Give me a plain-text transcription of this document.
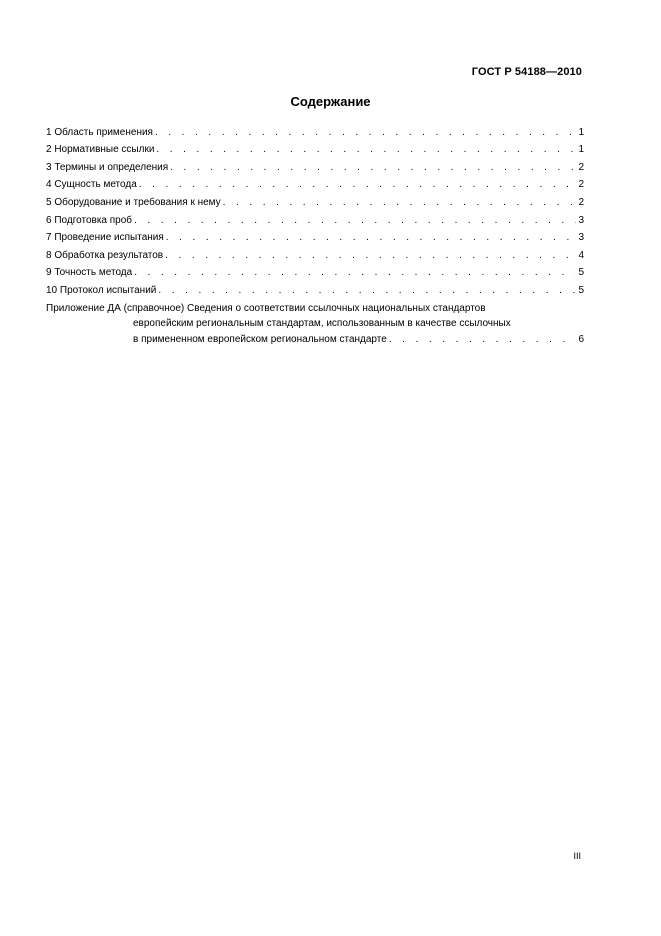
ГОСТ Р 54188—2010
Содержание
1 Область применения . . .	1
2 Нормативные ссылки . . .	1
3 Термины и определения . . .	2
4 Сущность метода . . .	2
5 Оборудование и требования к нему . . .	2
6 Подготовка проб . . .	3
7 Проведение испытания . . .	3
8 Обработка результатов . . .	4
9 Точность метода . . .	5
10 Протокол испытаний . . .	5
Приложение ДА (справочное) Сведения о соответствии ссылочных национальных стандартов
европейским региональным стандартам, использованным в качестве ссылочных
в примененном европейском региональном стандарте . . .	6
III
